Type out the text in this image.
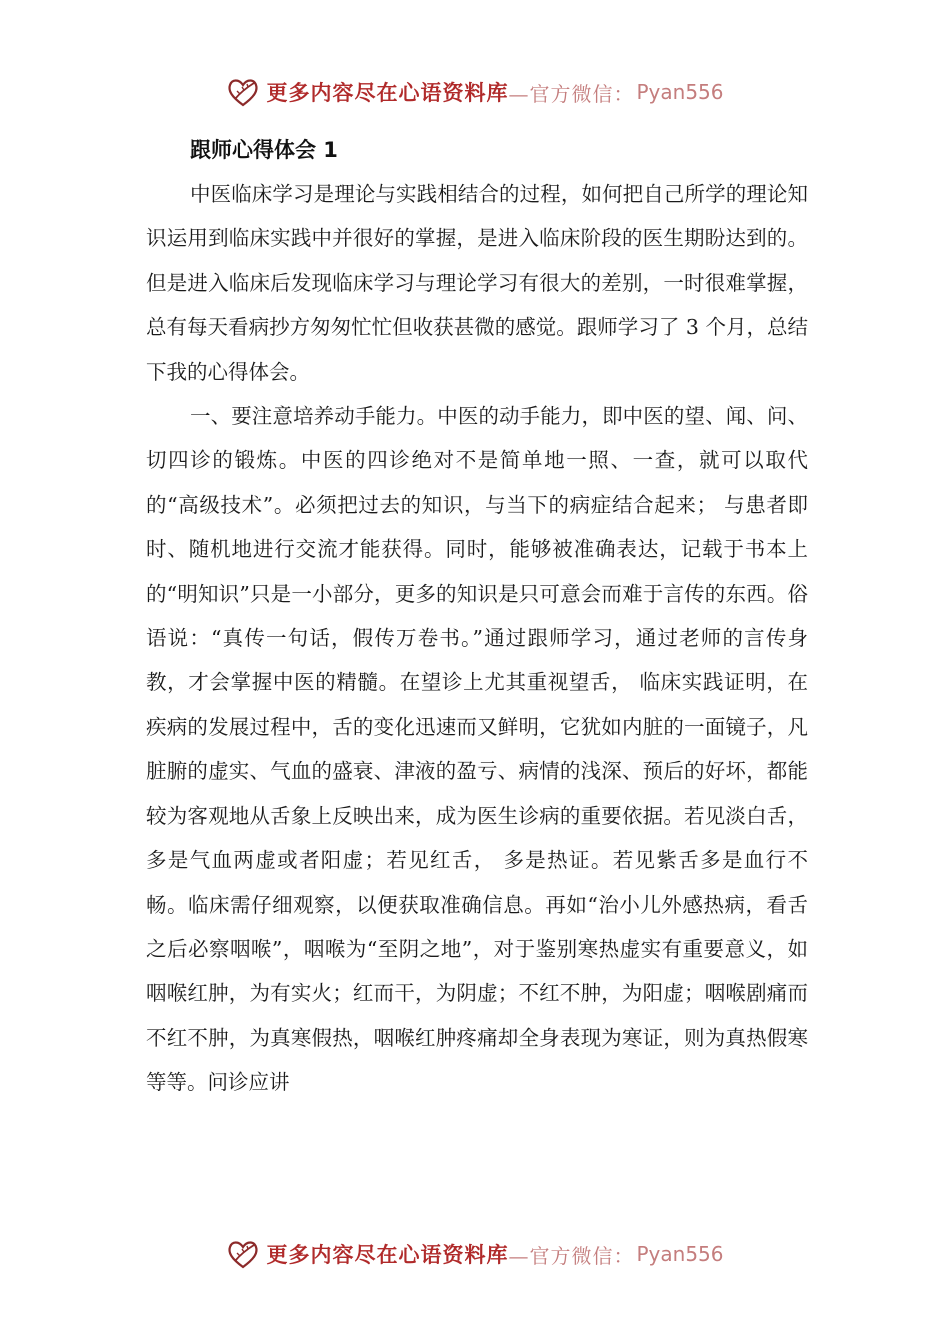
更多内容尽在心语资料库 —官方微信： Pyan556
跟师心得体会 1

中医临床学习是理论与实践相结合的过程，如何把自己所学的理论知识运用到临床实践中并很好的掌握，是进入临床阶段的医生期盼达到的。但是进入临床后发现临床学习与理论学习有很大的差别，一时很难掌握，总有每天看病抄方匆匆忙忙但收获甚微的感觉。跟师学习了 3 个月，总结下我的心得体会。

一、要注意培养动手能力。中医的动手能力，即中医的望、闻、问、切四诊的锻炼。中医的四诊绝对不是简单地一照、一查，就可以取代的“高级技术”。必须把过去的知识，与当下的病症结合起来； 与患者即时、随机地进行交流才能获得。同时，能够被准确表达，记载于书本上的“明知识”只是一小部分，更多的知识是只可意会而难于言传的东西。俗语说：“真传一句话，假传万卷书。”通过跟师学习，通过老师的言传身教，才会掌握中医的精髓。在望诊上尤其重视望舌， 临床实践证明，在疾病的发展过程中，舌的变化迅速而又鲜明，它犹如内脏的一面镜子，凡脏腑的虚实、气血的盛衰、津液的盈亏、病情的浅深、预后的好坏，都能较为客观地从舌象上反映出来，成为医生诊病的重要依据。若见淡白舌，多是气血两虚或者阳虚；若见红舌， 多是热证。若见紫舌多是血行不畅。临床需仔细观察，以便获取准确信息。再如“治小儿外感热病，看舌之后必察咽喉”，咽喉为“至阴之地”，对于鉴别寒热虚实有重要意义，如咽喉红肿，为有实火；红而干，为阴虚；不红不肿，为阳虚；咽喉剧痛而不红不肿，为真寒假热，咽喉红肿疼痛却全身表现为寒证，则为真热假寒等等。问诊应讲

更多内容尽在心语资料库 —官方微信： Pyan556
